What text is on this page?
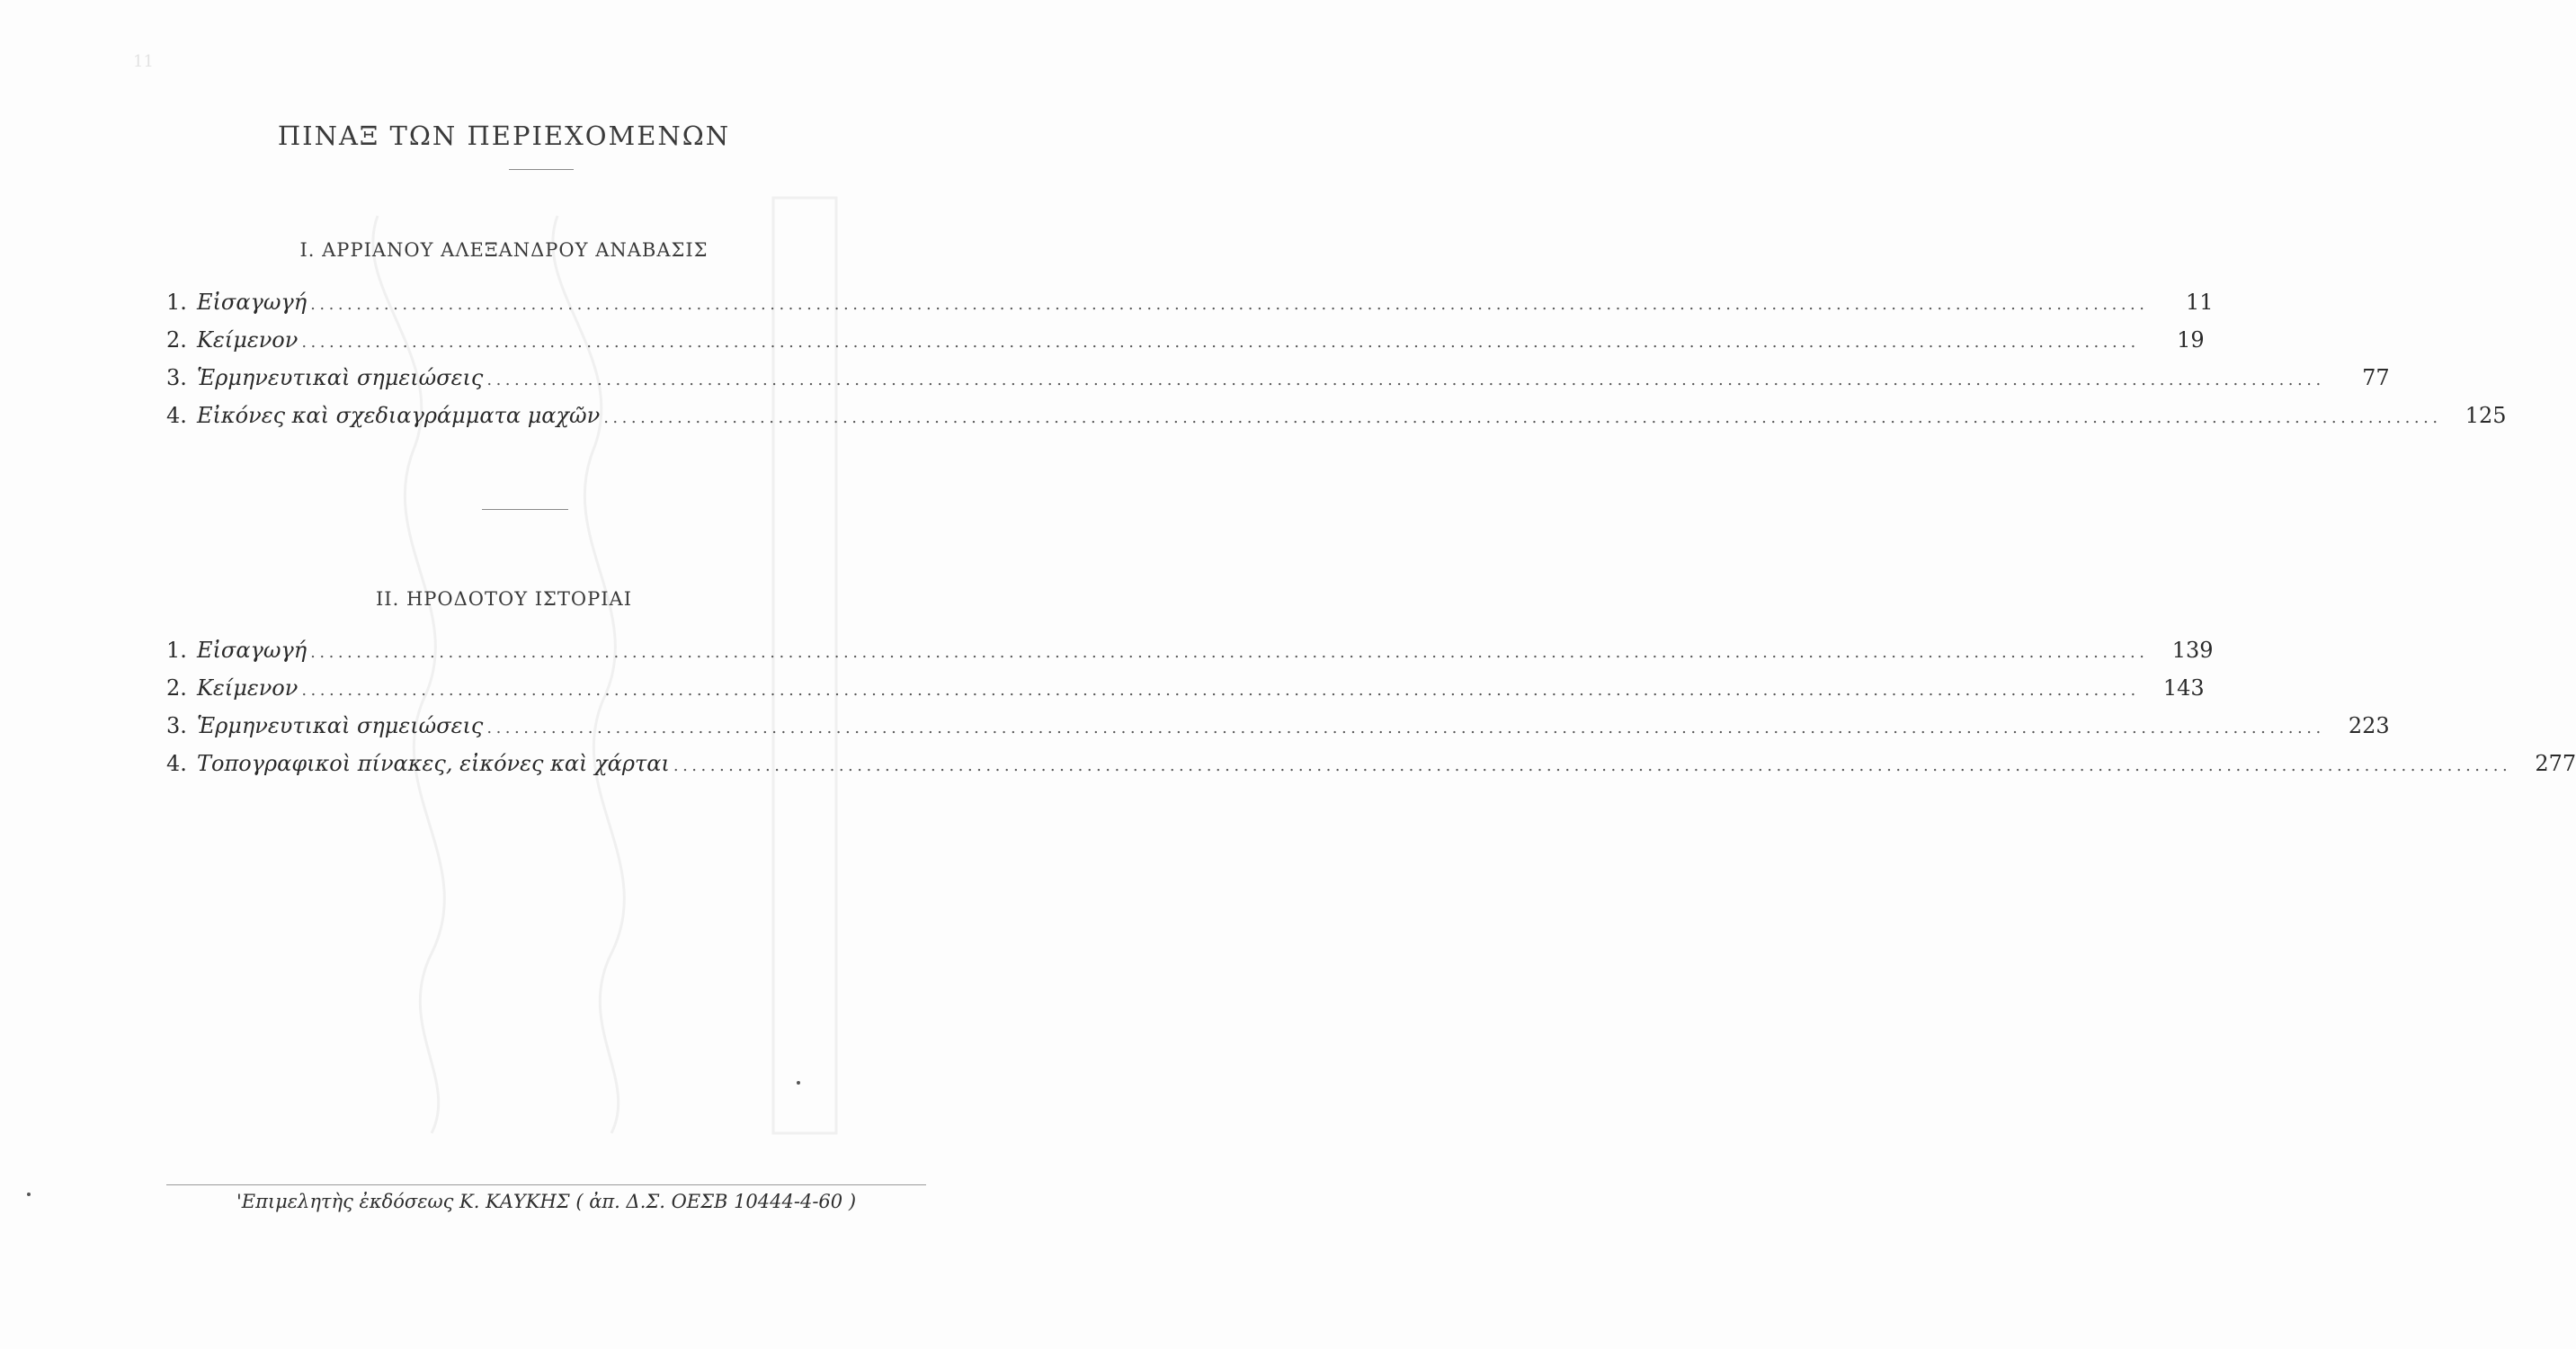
11
ΠΙΝΑΞ ΤΩΝ ΠΕΡΙΕΧΟΜΕΝΩΝ
Ι. ΑΡΡΙΑΝΟΥ ΑΛΕΞΑΝΔΡΟΥ ΑΝΑΒΑΣΙΣ
1. Εἰσαγωγή ........................................................................................................................................................................................................	11
2. Κείμενον ........................................................................................................................................................................................................	19
3. Ἑρμηνευτικαὶ σημειώσεις ........................................................................................................................................................................................................	77
4. Εἰκόνες καὶ σχεδιαγράμματα μαχῶν ........................................................................................................................................................................................................	125
ΙΙ. ΗΡΟΔΟΤΟΥ ΙΣΤΟΡΙΑΙ
1. Εἰσαγωγή ........................................................................................................................................................................................................	139
2. Κείμενον ........................................................................................................................................................................................................	143
3. Ἑρμηνευτικαὶ σημειώσεις ........................................................................................................................................................................................................	223
4. Τοπογραφικοὶ πίνακες, εἰκόνες καὶ χάρται ........................................................................................................................................................................................................	277
'Επιμελητὴς ἐκδόσεως Κ. ΚΑΥΚΗΣ ( ἀπ. Δ.Σ. ΟΕΣΒ 10444-4-60 )
